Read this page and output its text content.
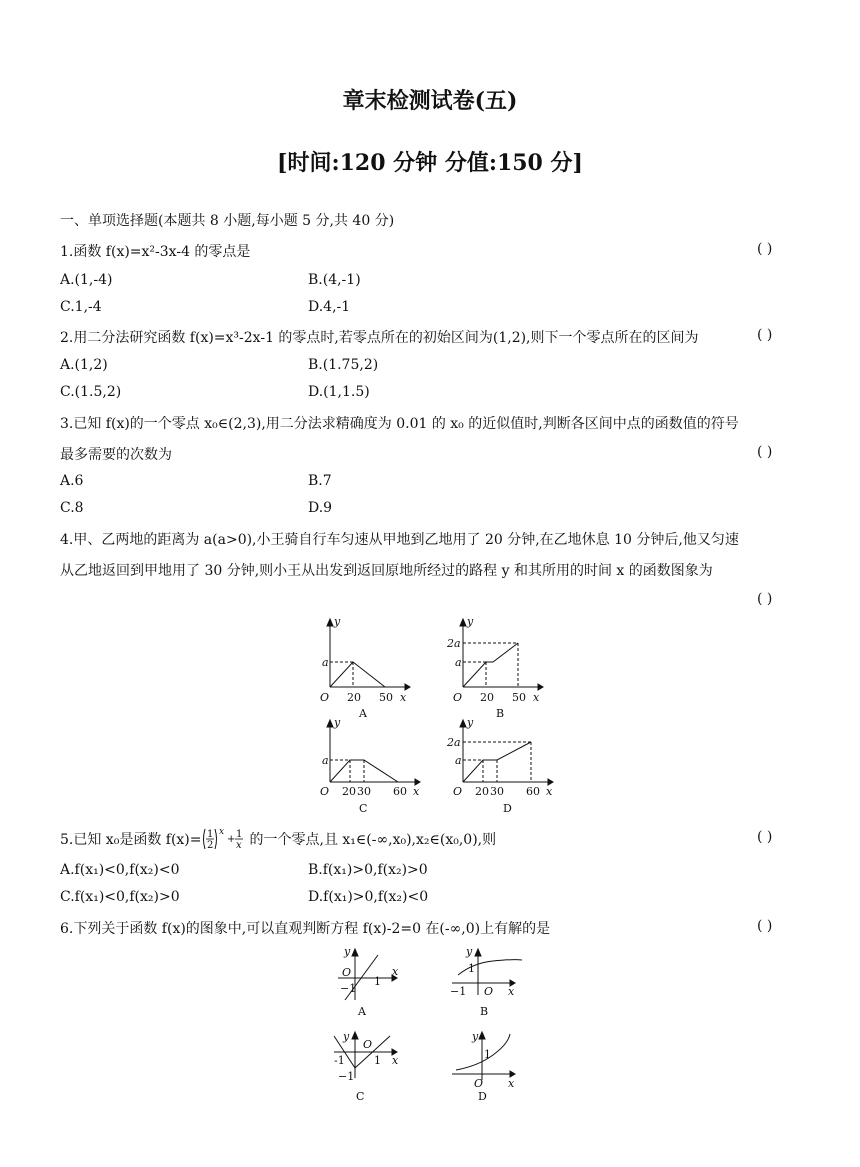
章末检测试卷(五)
[时间:120 分钟 分值:150 分]
一、单项选择题(本题共 8 小题,每小题 5 分,共 40 分)
1.函数 f(x)=x²-3x-4 的零点是	( )
A.(1,-4)	B.(4,-1)
C.1,-4	D.4,-1
2.用二分法研究函数 f(x)=x³-2x-1 的零点时,若零点所在的初始区间为(1,2),则下一个零点所在的区间为	( )
A.(1,2)	B.(1.75,2)
C.(1.5,2)	D.(1,1.5)
3.已知 f(x)的一个零点 x₀∈(2,3),用二分法求精确度为 0.01 的 x₀ 的近似值时,判断各区间中点的函数值的符号
最多需要的次数为	( )
A.6	B.7
C.8	D.9
4.甲、乙两地的距离为 a(a>0),小王骑自行车匀速从甲地到乙地用了 20 分钟,在乙地休息 10 分钟后,他又匀速
从乙地返回到甲地用了 30 分钟,则小王从出发到返回原地所经过的路程 y 和其所用的时间 x 的函数图象为
( )
y
a
O 20 50 x
A
y
a
2a
O 20 50 x
B
y
a
O 20 30 60 x
C
y
a
2a
O 20 30 60 x
D
5.已知 x₀是函数 f(x)= 1
2
x
+ 1
x 的一个零点,且 x₁∈(-∞,x₀),x₂∈(x₀,0),则	( )
A.f(x₁)<0,f(x₂)<0	B.f(x₁)>0,f(x₂)>0
C.f(x₁)<0,f(x₂)>0	D.f(x₁)>0,f(x₂)<0
6.下列关于函数 f(x)的图象中,可以直观判断方程 f(x)-2=0 在(-∞,0)上有解的是	( )
y
O
−1
1
x
A
y
1
−1 O x
B
y
O
-1	1
−1
x
C
y
1
O x
D
